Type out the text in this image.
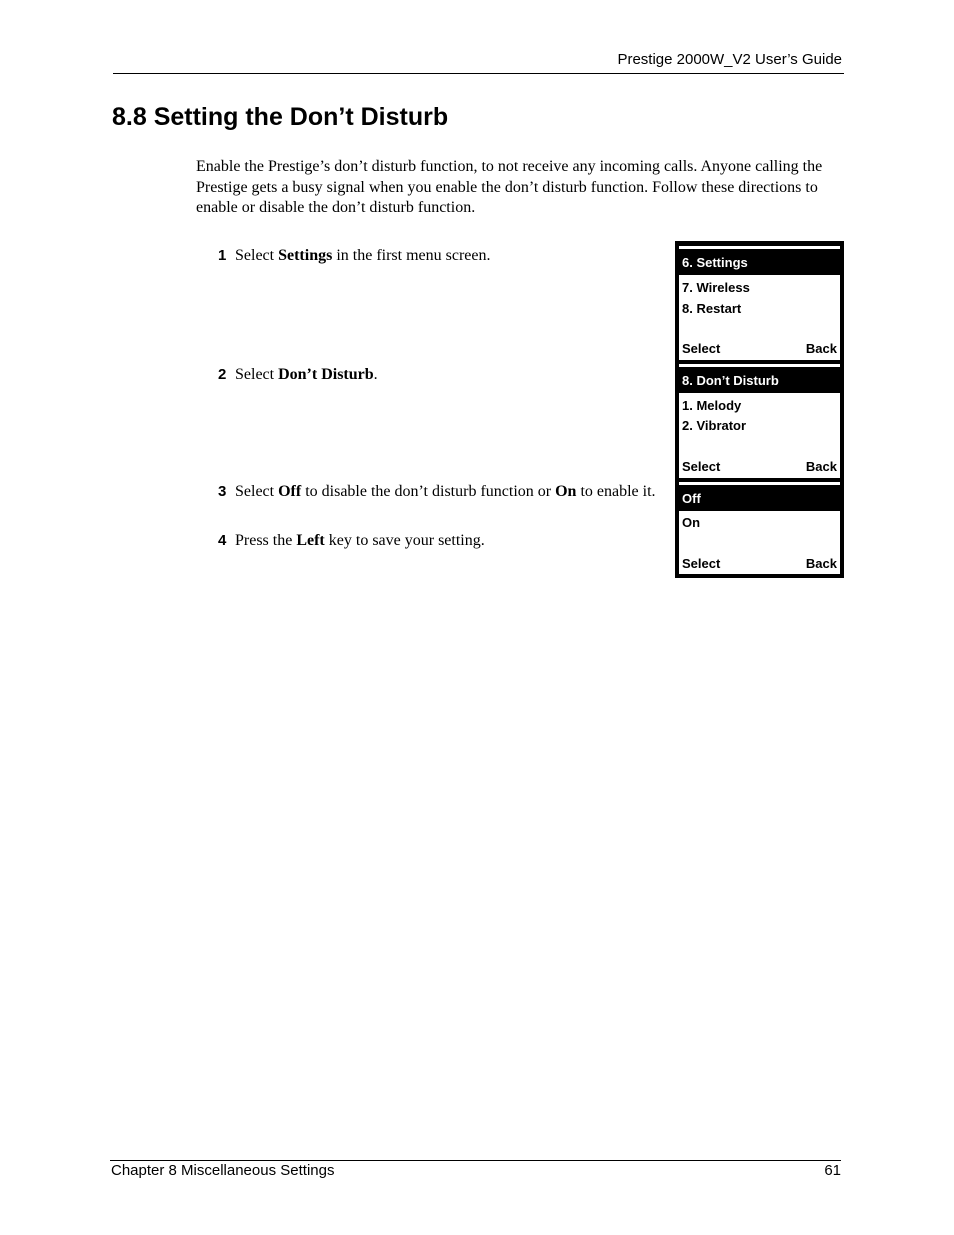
Prestige 2000W_V2 User’s Guide
8.8 Setting the Don’t Disturb

Enable the Prestige’s don’t disturb function, to not receive any incoming calls. Anyone calling the Prestige gets a busy signal when you enable the don’t disturb function. Follow these directions to enable or disable the don’t disturb function.

1 Select Settings in the first menu screen.
2 Select Don’t Disturb.
3 Select Off to disable the don’t disturb function or On to enable it.
4 Press the Left key to save your setting.
6. Settings
7. Wireless
8. Restart
Select	Back
8. Don’t Disturb
1. Melody
2. Vibrator
Select	Back
Off
On
Select	Back
Chapter 8 Miscellaneous Settings	61
